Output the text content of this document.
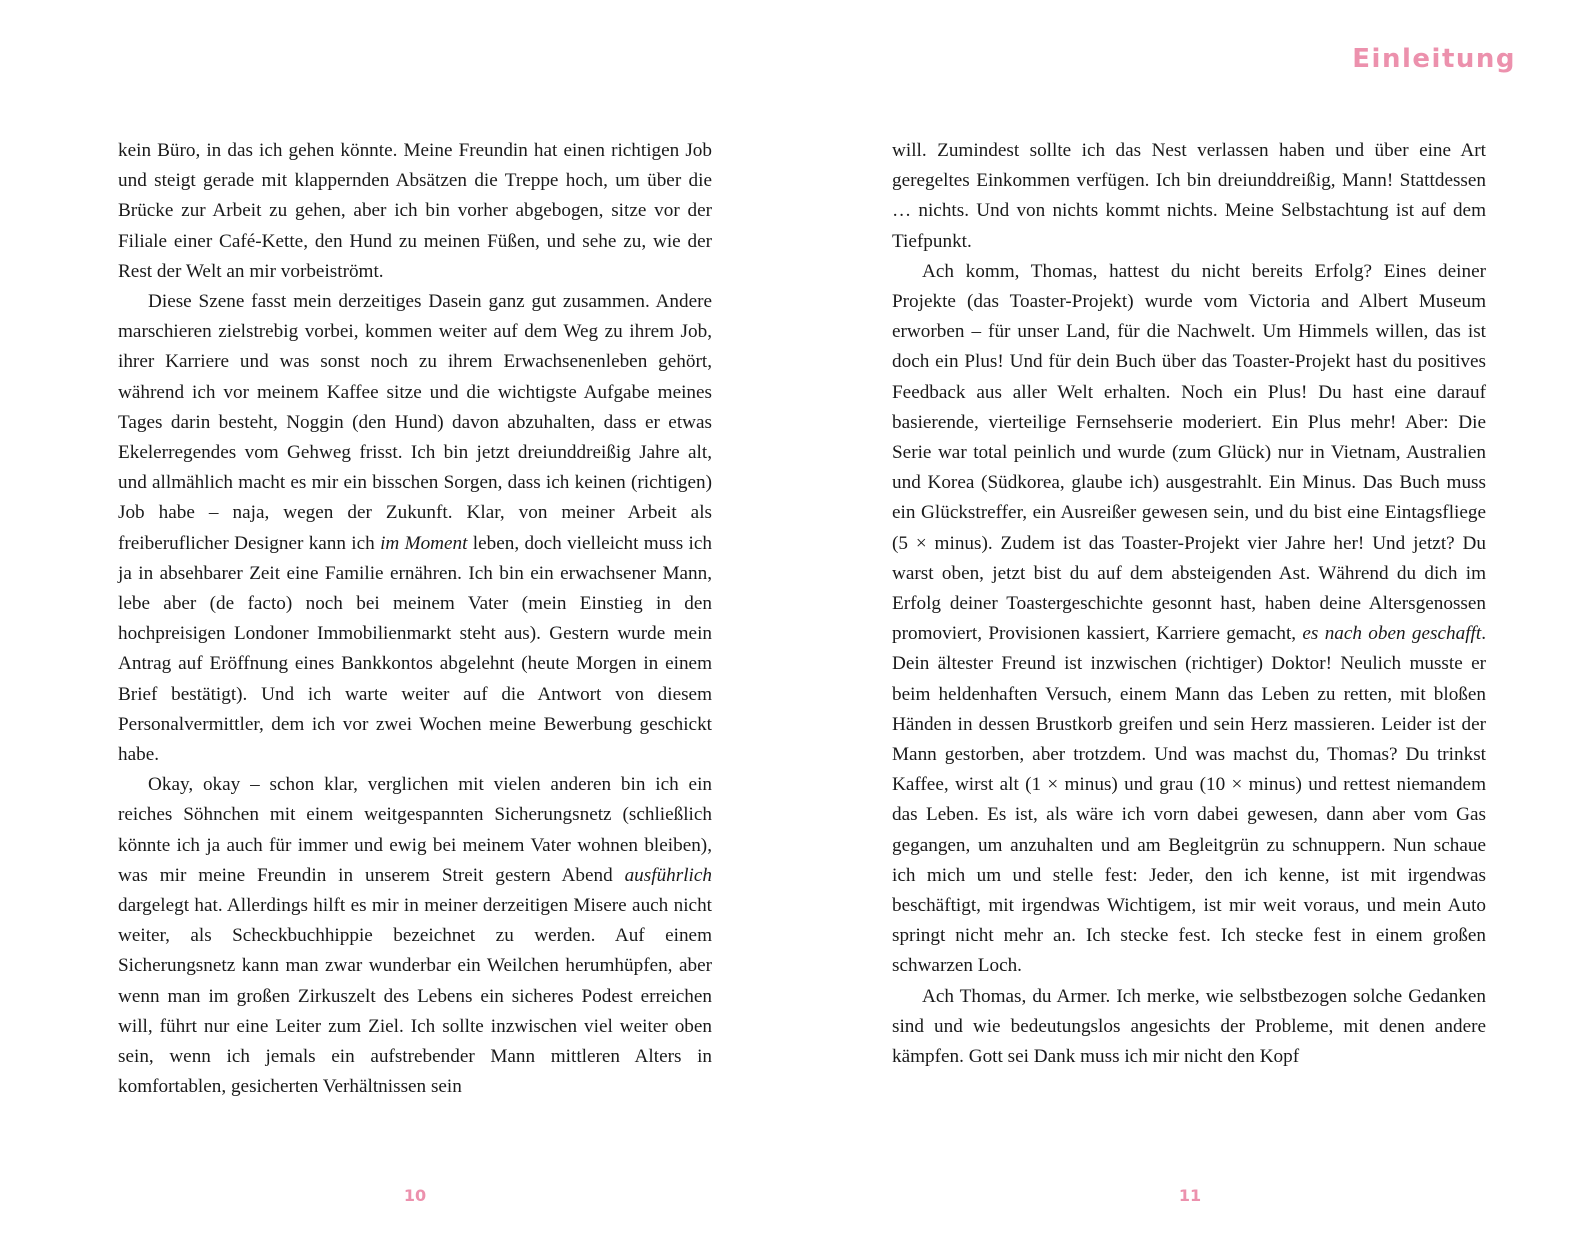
Einleitung

kein Büro, in das ich gehen könnte. Meine Freundin hat einen richtigen Job und steigt gerade mit klappernden Absätzen die Treppe hoch, um über die Brücke zur Arbeit zu gehen, aber ich bin vorher abgebogen, sitze vor der Filiale einer Café-Kette, den Hund zu meinen Füßen, und sehe zu, wie der Rest der Welt an mir vorbeiströmt.

Diese Szene fasst mein derzeitiges Dasein ganz gut zusammen. Andere marschieren zielstrebig vorbei, kommen weiter auf dem Weg zu ihrem Job, ihrer Karriere und was sonst noch zu ihrem Erwachsenenleben gehört, während ich vor meinem Kaffee sitze und die wichtigste Aufgabe meines Tages darin besteht, Noggin (den Hund) davon abzuhalten, dass er etwas Ekelerregendes vom Gehweg frisst. Ich bin jetzt dreiunddreißig Jahre alt, und allmählich macht es mir ein bisschen Sorgen, dass ich keinen (richtigen) Job habe – naja, wegen der Zukunft. Klar, von meiner Arbeit als freiberuflicher Designer kann ich im Moment leben, doch vielleicht muss ich ja in absehbarer Zeit eine Familie ernähren. Ich bin ein erwachsener Mann, lebe aber (de facto) noch bei meinem Vater (mein Einstieg in den hochpreisigen Londoner Immobilienmarkt steht aus). Gestern wurde mein Antrag auf Eröffnung eines Bankkontos abgelehnt (heute Morgen in einem Brief bestätigt). Und ich warte weiter auf die Antwort von diesem Personalvermittler, dem ich vor zwei Wochen meine Bewerbung geschickt habe.

Okay, okay – schon klar, verglichen mit vielen anderen bin ich ein reiches Söhnchen mit einem weitgespannten Sicherungsnetz (schließlich könnte ich ja auch für immer und ewig bei meinem Vater wohnen bleiben), was mir meine Freundin in unserem Streit gestern Abend ausführlich dargelegt hat. Allerdings hilft es mir in meiner derzeitigen Misere auch nicht weiter, als Scheckbuchhippie bezeichnet zu werden. Auf einem Sicherungsnetz kann man zwar wunderbar ein Weilchen herumhüpfen, aber wenn man im großen Zirkuszelt des Lebens ein sicheres Podest erreichen will, führt nur eine Leiter zum Ziel. Ich sollte inzwischen viel weiter oben sein, wenn ich jemals ein aufstrebender Mann mittleren Alters in komfortablen, gesicherten Verhältnissen sein

will. Zumindest sollte ich das Nest verlassen haben und über eine Art geregeltes Einkommen verfügen. Ich bin dreiunddreißig, Mann! Stattdessen … nichts. Und von nichts kommt nichts. Meine Selbstachtung ist auf dem Tiefpunkt.

Ach komm, Thomas, hattest du nicht bereits Erfolg? Eines deiner Projekte (das Toaster-Projekt) wurde vom Victoria and Albert Museum erworben – für unser Land, für die Nachwelt. Um Himmels willen, das ist doch ein Plus! Und für dein Buch über das Toaster-Projekt hast du positives Feedback aus aller Welt erhalten. Noch ein Plus! Du hast eine darauf basierende, vierteilige Fernsehserie moderiert. Ein Plus mehr! Aber: Die Serie war total peinlich und wurde (zum Glück) nur in Vietnam, Australien und Korea (Südkorea, glaube ich) ausgestrahlt. Ein Minus. Das Buch muss ein Glückstreffer, ein Ausreißer gewesen sein, und du bist eine Eintagsfliege (5 × minus). Zudem ist das Toaster-Projekt vier Jahre her! Und jetzt? Du warst oben, jetzt bist du auf dem absteigenden Ast. Während du dich im Erfolg deiner Toastergeschichte gesonnt hast, haben deine Altersgenossen promoviert, Provisionen kassiert, Karriere gemacht, es nach oben geschafft. Dein ältester Freund ist inzwischen (richtiger) Doktor! Neulich musste er beim heldenhaften Versuch, einem Mann das Leben zu retten, mit bloßen Händen in dessen Brustkorb greifen und sein Herz massieren. Leider ist der Mann gestorben, aber trotzdem. Und was machst du, Thomas? Du trinkst Kaffee, wirst alt (1 × minus) und grau (10 × minus) und rettest niemandem das Leben. Es ist, als wäre ich vorn dabei gewesen, dann aber vom Gas gegangen, um anzuhalten und am Begleitgrün zu schnuppern. Nun schaue ich mich um und stelle fest: Jeder, den ich kenne, ist mit irgendwas beschäftigt, mit irgendwas Wichtigem, ist mir weit voraus, und mein Auto springt nicht mehr an. Ich stecke fest. Ich stecke fest in einem großen schwarzen Loch.

Ach Thomas, du Armer. Ich merke, wie selbstbezogen solche Gedanken sind und wie bedeutungslos angesichts der Probleme, mit denen andere kämpfen. Gott sei Dank muss ich mir nicht den Kopf

10	11
